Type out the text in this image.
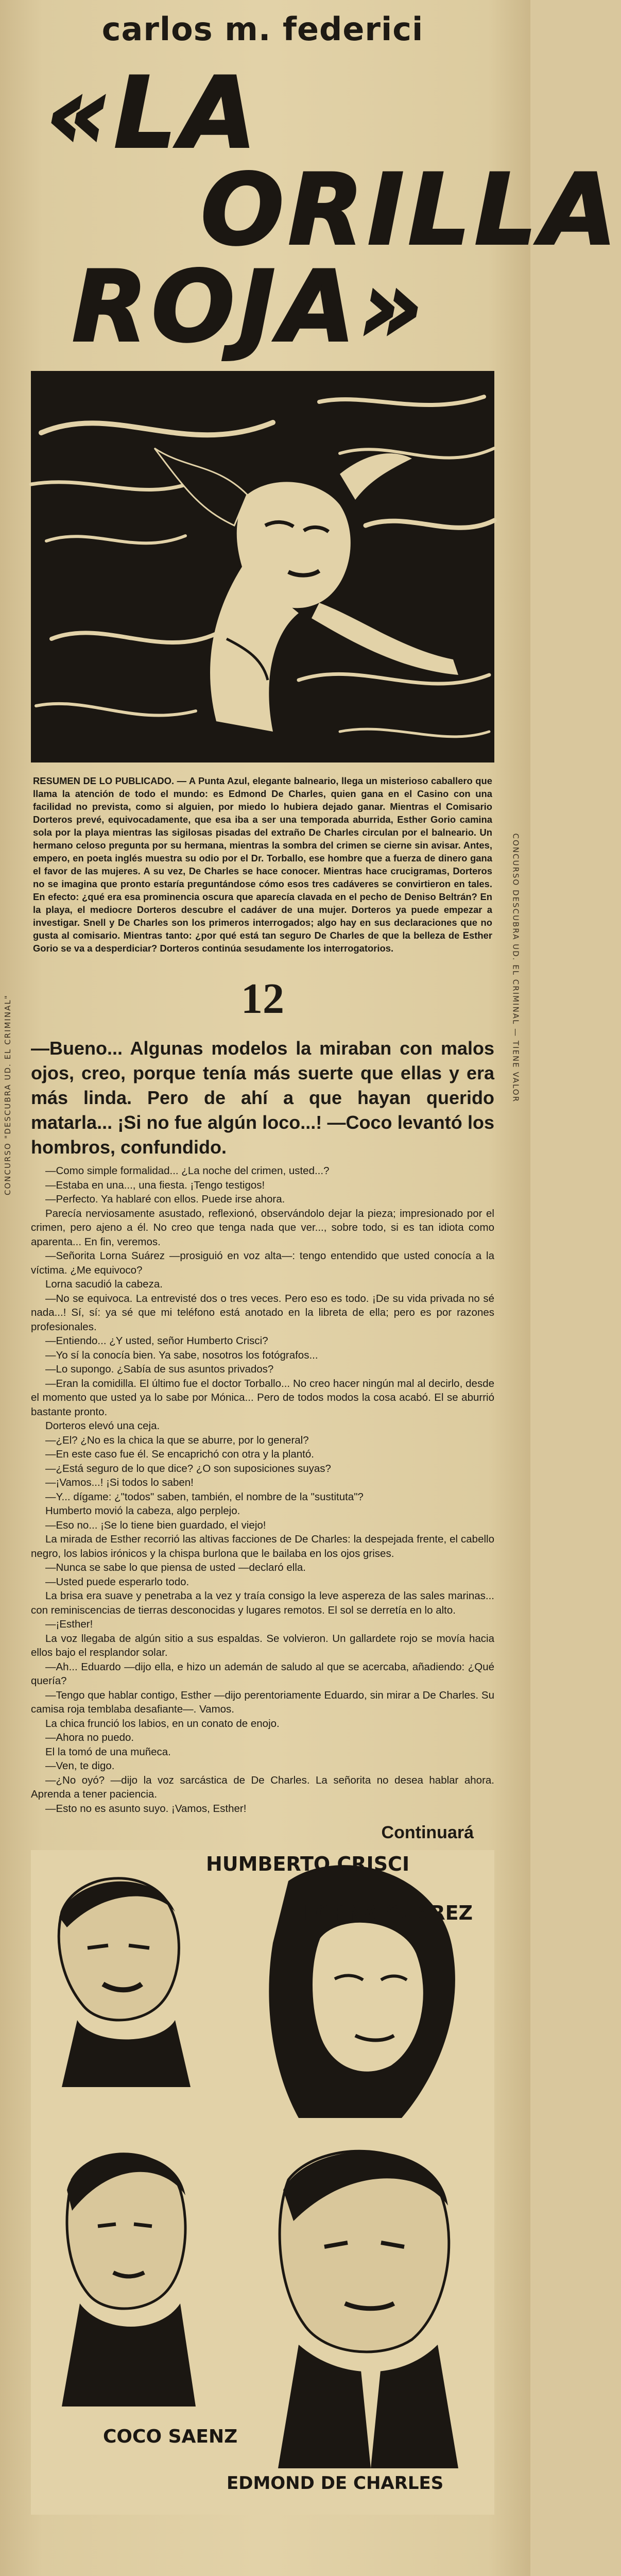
CONCURSO "DESCUBRA UD. EL CRIMINAL"	CONCURSO DESCUBRA UD. EL CRIMINAL — TIENE VALOR
carlos m. federici
«LA
ORILLA
ROJA»
RESUMEN DE LO PUBLICADO. — A Punta Azul, elegante balneario, llega un misterioso caballero que llama la atención de todo el mundo: es Edmond De Charles, quien gana en el Casino con una facilidad no prevista, como si alguien, por miedo lo hubiera dejado ganar. Mientras el Comisario Dorteros prevé, equivocadamente, que esa iba a ser una temporada aburrida, Esther Gorio camina sola por la playa mientras las sigilosas pisadas del extraño De Charles circulan por el balneario. Un hermano celoso pregunta por su hermana, mientras la sombra del crimen se cierne sin avisar. Antes, empero, en poeta inglés muestra su odio por el Dr. Torballo, ese hombre que a fuerza de dinero gana el favor de las mujeres. A su vez, De Charles se hace conocer. Mientras hace crucigramas, Dorteros no se imagina que pronto estaría preguntándose cómo esos tres cadáveres se convirtieron en tales. En efecto: ¿qué era esa prominencia oscura que aparecía clavada en el pecho de Deniso Beltrán? En la playa, el mediocre Dorteros descubre el cadáver de una mujer. Dorteros ya puede empezar a investigar. Snell y De Charles son los primeros interrogados; algo hay en sus declaraciones que no gusta al comisario. Mientras tanto: ¿por qué está tan seguro De Charles de que la belleza de Esther Gorio se va a desperdiciar? Dorteros continúa sesudamente los interrogatorios.
12
—Bueno... Algunas modelos la miraban con malos ojos, creo, porque tenía más suerte que ellas y era más linda. Pero de ahí a que hayan querido matarla... ¡Si no fue algún loco...! —Coco levantó los hombros, confundido.

—Como simple formalidad... ¿La noche del crimen, usted...?

—Estaba en una..., una fiesta. ¡Tengo testigos!

—Perfecto. Ya hablaré con ellos. Puede irse ahora.

Parecía nerviosamente asustado, reflexionó, observándolo dejar la pieza; impresionado por el crimen, pero ajeno a él. No creo que tenga nada que ver..., sobre todo, si es tan idiota como aparenta... En fin, veremos.

—Señorita Lorna Suárez —prosiguió en voz alta—: tengo entendido que usted conocía a la víctima. ¿Me equivoco?

Lorna sacudió la cabeza.

—No se equivoca. La entrevisté dos o tres veces. Pero eso es todo. ¡De su vida privada no sé nada...! Sí, sí: ya sé que mi teléfono está anotado en la libreta de ella; pero es por razones profesionales.

—Entiendo... ¿Y usted, señor Humberto Crisci?

—Yo sí la conocía bien. Ya sabe, nosotros los fotógrafos...

—Lo supongo. ¿Sabía de sus asuntos privados?

—Eran la comidilla. El último fue el doctor Torballo... No creo hacer ningún mal al decirlo, desde el momento que usted ya lo sabe por Mónica... Pero de todos modos la cosa acabó. El se aburrió bastante pronto.

Dorteros elevó una ceja.

—¿El? ¿No es la chica la que se aburre, por lo general?

—En este caso fue él. Se encaprichó con otra y la plantó.

—¿Está seguro de lo que dice? ¿O son suposiciones suyas?

—¡Vamos...! ¡Si todos lo saben!

—Y... dígame: ¿"todos" saben, también, el nombre de la "sustituta"?

Humberto movió la cabeza, algo perplejo.

—Eso no... ¡Se lo tiene bien guardado, el viejo!

La mirada de Esther recorrió las altivas facciones de De Charles: la despejada frente, el cabello negro, los labios irónicos y la chispa burlona que le bailaba en los ojos grises.

—Nunca se sabe lo que piensa de usted —declaró ella.

—Usted puede esperarlo todo.

La brisa era suave y penetraba a la vez y traía consigo la leve aspereza de las sales marinas... con reminiscencias de tierras desconocidas y lugares remotos. El sol se derretía en lo alto.

—¡Esther!

La voz llegaba de algún sitio a sus espaldas. Se volvieron. Un gallardete rojo se movía hacia ellos bajo el resplandor solar.

—Ah... Eduardo —dijo ella, e hizo un ademán de saludo al que se acercaba, añadiendo: ¿Qué quería?

—Tengo que hablar contigo, Esther —dijo perentoriamente Eduardo, sin mirar a De Charles. Su camisa roja temblaba desafiante—. Vamos.

La chica frunció los labios, en un conato de enojo.

—Ahora no puedo.

El la tomó de una muñeca.

—Ven, te digo.

—¿No oyó? —dijo la voz sarcástica de De Charles. La señorita no desea hablar ahora. Aprenda a tener paciencia.

—Esto no es asunto suyo. ¡Vamos, Esther!

Continuará
HUMBERTO CRISCI
LORNA SUAREZ
COCO SAENZ
EDMOND DE CHARLES
